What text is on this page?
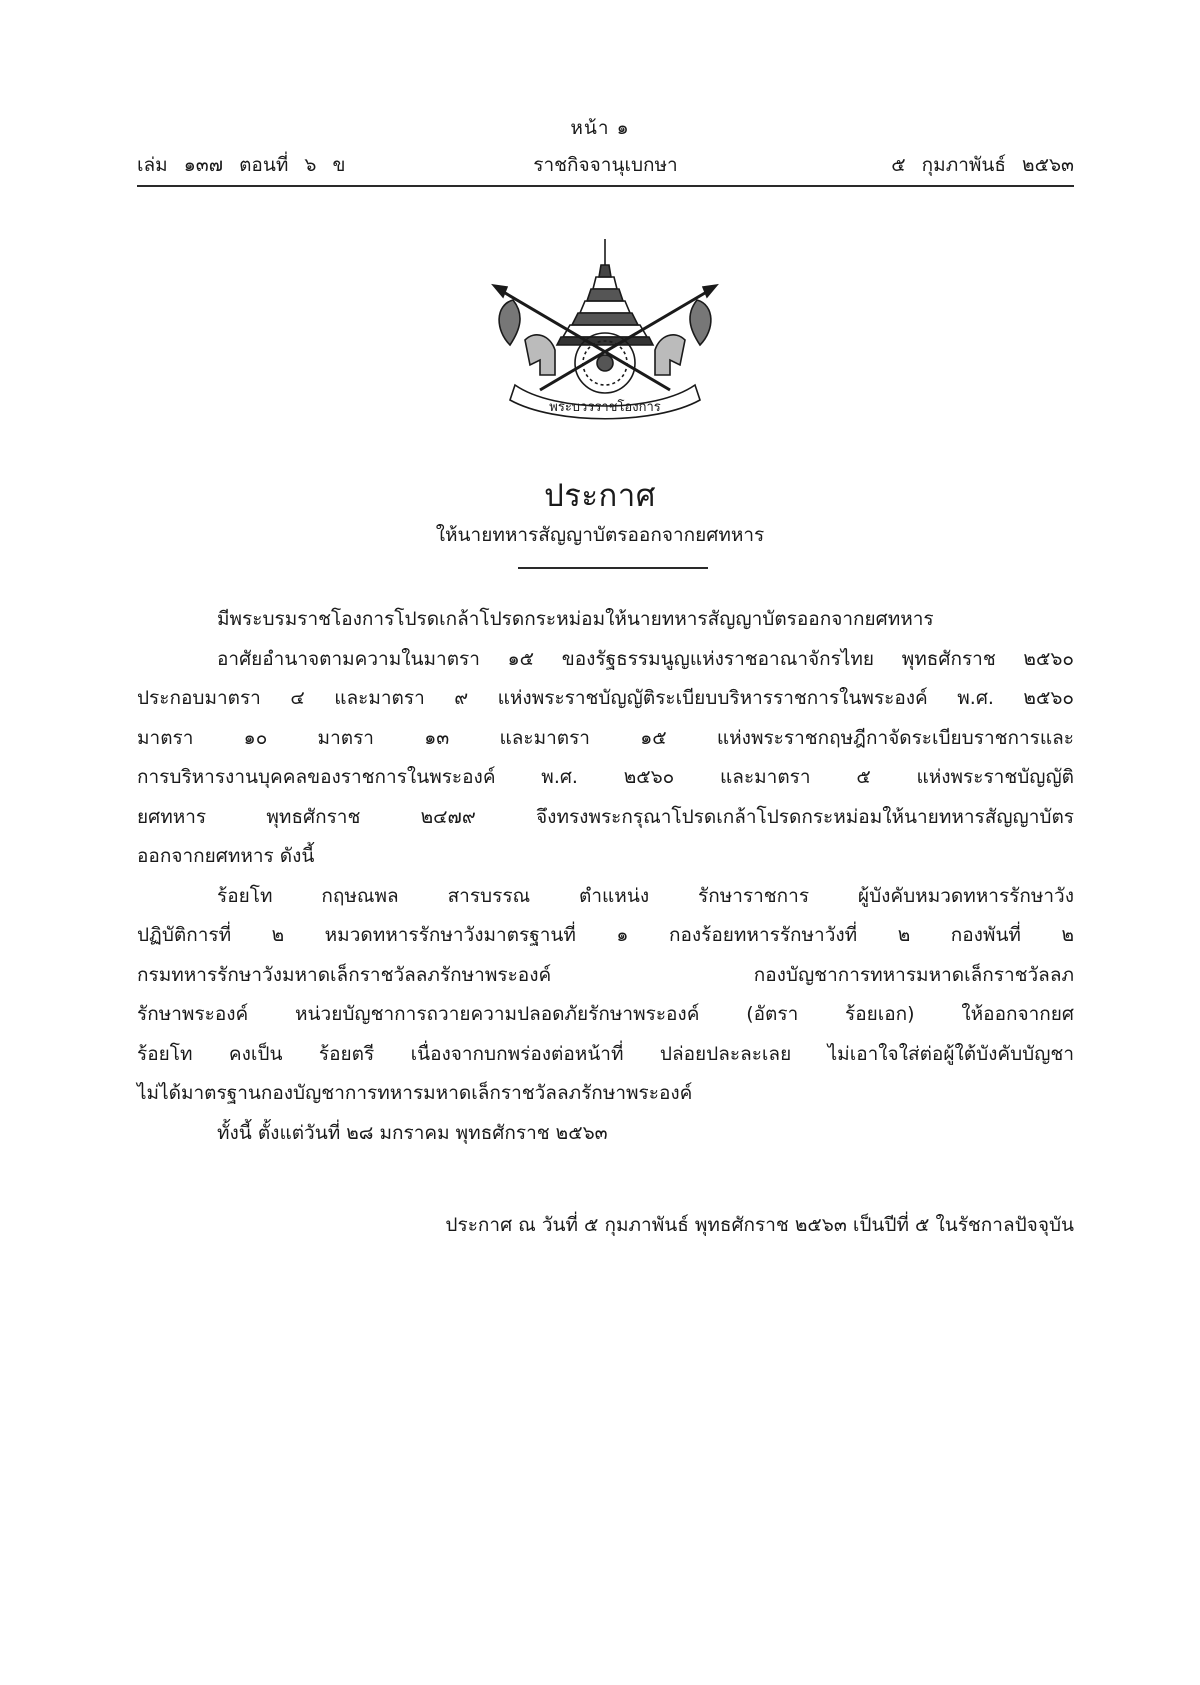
หน้า ๑
เล่ม ๑๓๗ ตอนที่ ๖ ข	ราชกิจจานุเบกษา	๕ กุมภาพันธ์ ๒๕๖๓
พระบวรราชโองการ
ประกาศ
ให้นายทหารสัญญาบัตรออกจากยศทหาร
มีพระบรมราชโองการโปรดเกล้าโปรดกระหม่อมให้นายทหารสัญญาบัตรออกจากยศทหาร
อาศัยอำนาจตามความในมาตรา ๑๕ ของรัฐธรรมนูญแห่งราชอาณาจักรไทย พุทธศักราช ๒๕๖๐
ประกอบมาตรา ๔ และมาตรา ๙ แห่งพระราชบัญญัติระเบียบบริหารราชการในพระองค์ พ.ศ. ๒๕๖๐
มาตรา ๑๐ มาตรา ๑๓ และมาตรา ๑๕ แห่งพระราชกฤษฎีกาจัดระเบียบราชการและ
การบริหารงานบุคคลของราชการในพระองค์ พ.ศ. ๒๕๖๐ และมาตรา ๕ แห่งพระราชบัญญัติ
ยศทหาร พุทธศักราช ๒๔๗๙ จึงทรงพระกรุณาโปรดเกล้าโปรดกระหม่อมให้นายทหารสัญญาบัตร
ออกจากยศทหาร ดังนี้
ร้อยโท กฤษณพล สารบรรณ ตำแหน่ง รักษาราชการ ผู้บังคับหมวดทหารรักษาวัง
ปฏิบัติการที่ ๒ หมวดทหารรักษาวังมาตรฐานที่ ๑ กองร้อยทหารรักษาวังที่ ๒ กองพันที่ ๒
กรมทหารรักษาวังมหาดเล็กราชวัลลภรักษาพระองค์ กองบัญชาการทหารมหาดเล็กราชวัลลภ
รักษาพระองค์ หน่วยบัญชาการถวายความปลอดภัยรักษาพระองค์ (อัตรา ร้อยเอก) ให้ออกจากยศ
ร้อยโท คงเป็น ร้อยตรี เนื่องจากบกพร่องต่อหน้าที่ ปล่อยปละละเลย ไม่เอาใจใส่ต่อผู้ใต้บังคับบัญชา
ไม่ได้มาตรฐานกองบัญชาการทหารมหาดเล็กราชวัลลภรักษาพระองค์
ทั้งนี้ ตั้งแต่วันที่ ๒๘ มกราคม พุทธศักราช ๒๕๖๓
ประกาศ ณ วันที่ ๕ กุมภาพันธ์ พุทธศักราช ๒๕๖๓ เป็นปีที่ ๕ ในรัชกาลปัจจุบัน
